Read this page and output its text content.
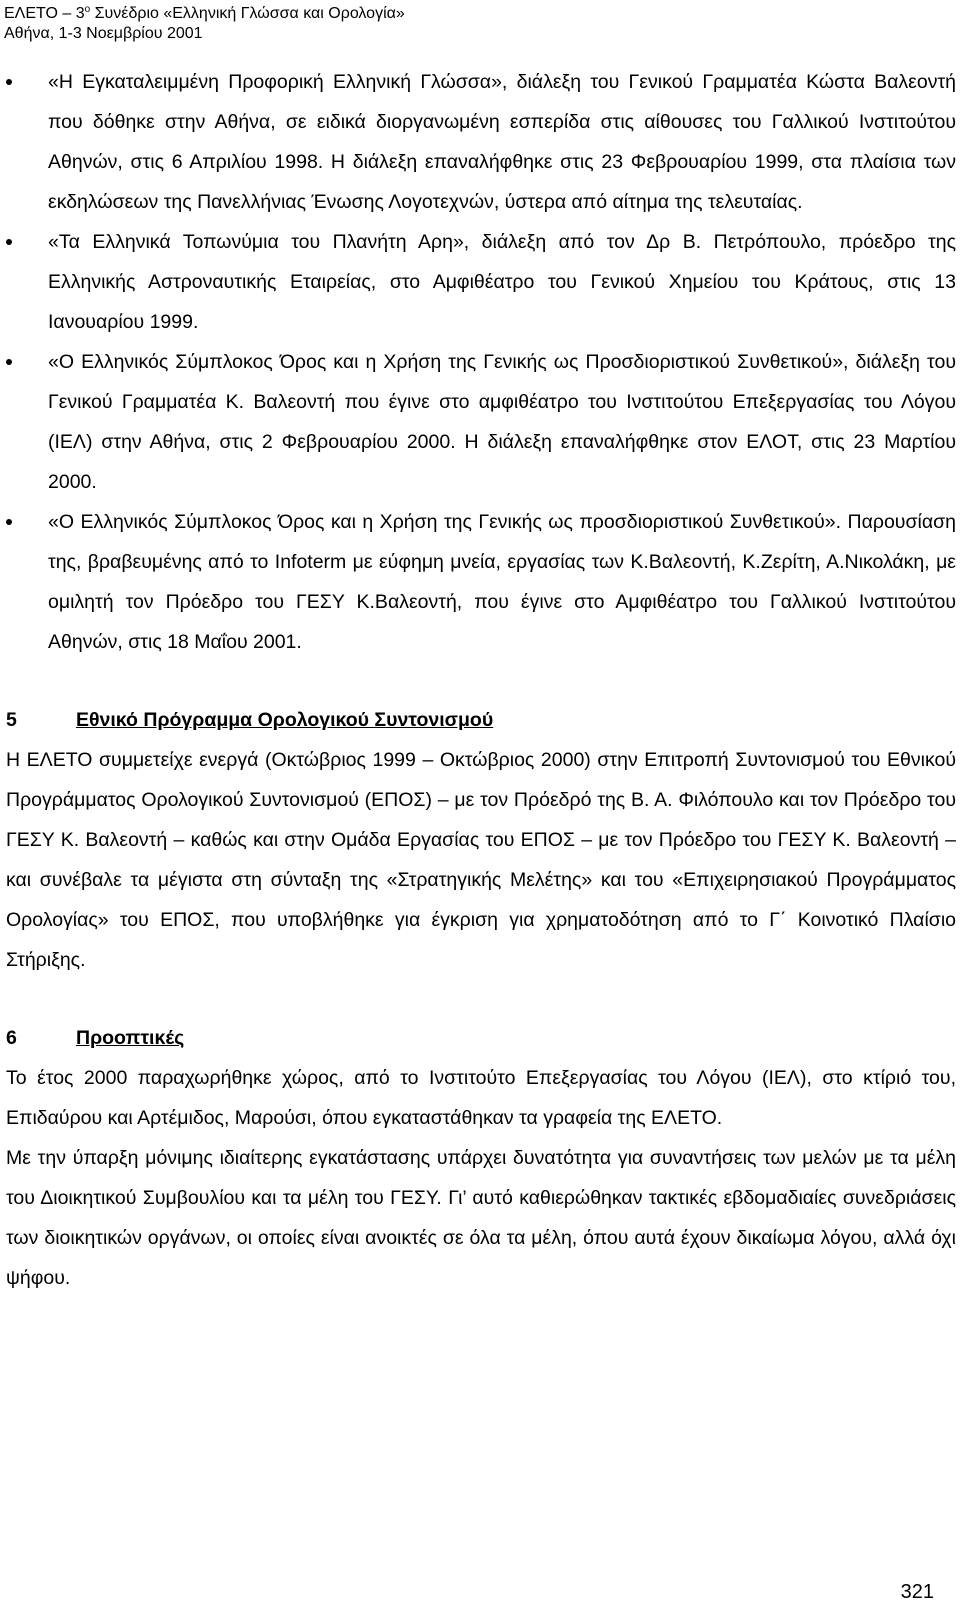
ΕΛΕΤΟ – $3^o$ Συνέδριο «Ελληνική Γλώσσα και Ορολογία»
Αθήνα, 1-3 Νοεμβρίου 2001
«Η Εγκαταλειμμένη Προφορική Ελληνική Γλώσσα», διάλεξη του Γενικού Γραμματέα Κώστα Βαλεοντή που δόθηκε στην Αθήνα, σε ειδικά διοργανωμένη εσπερίδα στις αίθουσες του Γαλλικού Ινστιτούτου Αθηνών, στις 6 Απριλίου 1998. Η διάλεξη επαναλήφθηκε στις 23 Φεβρουαρίου 1999, στα πλαίσια των εκδηλώσεων της Πανελλήνιας Ένωσης Λογοτεχνών, ύστερα από αίτημα της τελευταίας.
«Τα Ελληνικά Τοπωνύμια του Πλανήτη Αρη», διάλεξη από τον Δρ Β. Πετρόπουλο, πρόεδρο της Ελληνικής Αστροναυτικής Εταιρείας, στο Αμφιθέατρο του Γενικού Χημείου του Κράτους, στις 13 Ιανουαρίου 1999.
«Ο Ελληνικός Σύμπλοκος Όρος και η Χρήση της Γενικής ως Προσδιοριστικού Συνθετικού», διάλεξη του Γενικού Γραμματέα Κ. Βαλεοντή που έγινε στο αμφιθέατρο του Ινστιτούτου Επεξεργασίας του Λόγου (ΙΕΛ) στην Αθήνα, στις 2 Φεβρουαρίου 2000. Η διάλεξη επαναλήφθηκε στον ΕΛΟΤ, στις 23 Μαρτίου 2000.
«Ο Ελληνικός Σύμπλοκος Όρος και η Χρήση της Γενικής ως προσδιοριστικού Συνθετικού». Παρουσίαση της, βραβευμένης από το Infoterm με εύφημη μνεία, εργασίας των Κ.Βαλεοντή, Κ.Ζερίτη, Α.Νικολάκη, με ομιλητή τον Πρόεδρο του ΓΕΣΥ Κ.Βαλεοντή, που έγινε στο Αμφιθέατρο του Γαλλικού Ινστιτούτου Αθηνών, στις 18 Μαΐου 2001.
5	Εθνικό Πρόγραμμα Ορολογικού Συντονισμού

Η ΕΛΕΤΟ συμμετείχε ενεργά (Οκτώβριος 1999 – Οκτώβριος 2000) στην Επιτροπή Συντονισμού του Εθνικού Προγράμματος Ορολογικού Συντονισμού (ΕΠΟΣ) – με τον Πρόεδρό της Β. Α. Φιλόπουλο και τον Πρόεδρο του ΓΕΣΥ Κ. Βαλεοντή – καθώς και στην Ομάδα Εργασίας του ΕΠΟΣ – με τον Πρόεδρο του ΓΕΣΥ Κ. Βαλεοντή – και συνέβαλε τα μέγιστα στη σύνταξη της «Στρατηγικής Μελέτης» και του «Επιχειρησιακού Προγράμματος Ορολογίας» του ΕΠΟΣ, που υποβλήθηκε για έγκριση για χρηματοδότηση από το Γ΄ Κοινοτικό Πλαίσιο Στήριξης.

6	Προοπτικές

Το έτος 2000 παραχωρήθηκε χώρος, από το Ινστιτούτο Επεξεργασίας του Λόγου (ΙΕΛ), στο κτίριό του, Επιδαύρου και Αρτέμιδος, Μαρούσι, όπου εγκαταστάθηκαν τα γραφεία της ΕΛΕΤΟ.

Με την ύπαρξη μόνιμης ιδιαίτερης εγκατάστασης υπάρχει δυνατότητα για συναντήσεις των μελών με τα μέλη του Διοικητικού Συμβουλίου και τα μέλη του ΓΕΣΥ. Γι’ αυτό καθιερώθηκαν τακτικές εβδομαδιαίες συνεδριάσεις των διοικητικών οργάνων, οι οποίες είναι ανοικτές σε όλα τα μέλη, όπου αυτά έχουν δικαίωμα λόγου, αλλά όχι ψήφου.

321
